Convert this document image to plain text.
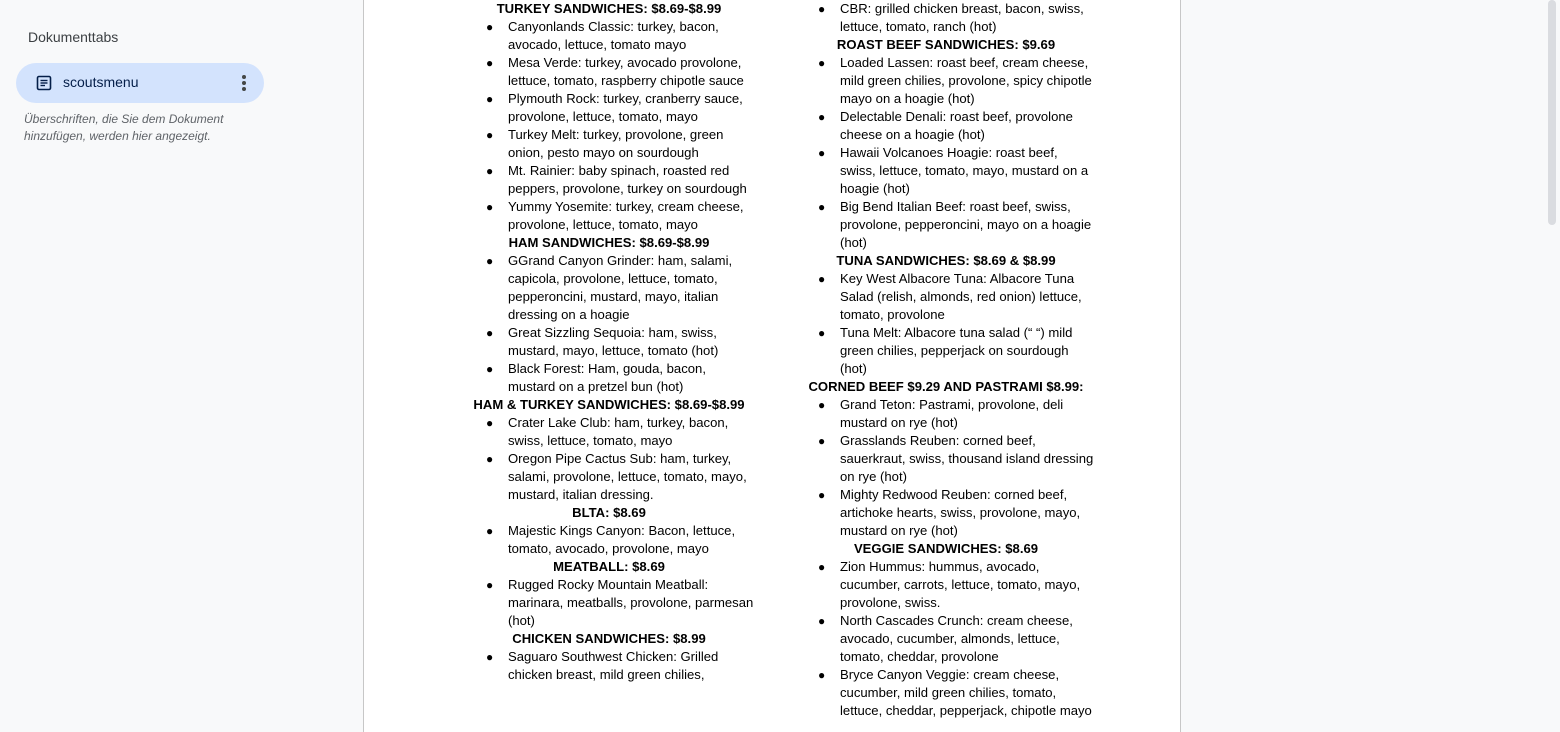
Dokumenttabs
scoutsmenu
Überschriften, die Sie dem Dokument hinzufügen, werden hier angezeigt.
TURKEY SANDWICHES: $8.69-$8.99
● Canyonlands Classic: turkey, bacon, avocado, lettuce, tomato mayo
● Mesa Verde: turkey, avocado provolone, lettuce, tomato, raspberry chipotle sauce
● Plymouth Rock: turkey, cranberry sauce, provolone, lettuce, tomato, mayo
● Turkey Melt: turkey, provolone, green onion, pesto mayo on sourdough
● Mt. Rainier: baby spinach, roasted red peppers, provolone, turkey on sourdough
● Yummy Yosemite: turkey, cream cheese, provolone, lettuce, tomato, mayo
HAM SANDWICHES: $8.69-$8.99
● GGrand Canyon Grinder: ham, salami, capicola, provolone, lettuce, tomato, pepperoncini, mustard, mayo, italian dressing on a hoagie
● Great Sizzling Sequoia: ham, swiss, mustard, mayo, lettuce, tomato (hot)
● Black Forest: Ham, gouda, bacon, mustard on a pretzel bun (hot)
HAM & TURKEY SANDWICHES: $8.69-$8.99
● Crater Lake Club: ham, turkey, bacon, swiss, lettuce, tomato, mayo
● Oregon Pipe Cactus Sub: ham, turkey, salami, provolone, lettuce, tomato, mayo, mustard, italian dressing.
BLTA: $8.69
● Majestic Kings Canyon: Bacon, lettuce, tomato, avocado, provolone, mayo
MEATBALL: $8.69
● Rugged Rocky Mountain Meatball: marinara, meatballs, provolone, parmesan (hot)
CHICKEN SANDWICHES: $8.99
● Saguaro Southwest Chicken: Grilled chicken breast, mild green chilies,
● CBR: grilled chicken breast, bacon, swiss, lettuce, tomato, ranch (hot)
ROAST BEEF SANDWICHES: $9.69
● Loaded Lassen: roast beef, cream cheese, mild green chilies, provolone, spicy chipotle mayo on a hoagie (hot)
● Delectable Denali: roast beef, provolone cheese on a hoagie (hot)
● Hawaii Volcanoes Hoagie: roast beef, swiss, lettuce, tomato, mayo, mustard on a hoagie (hot)
● Big Bend Italian Beef: roast beef, swiss, provolone, pepperoncini, mayo on a hoagie (hot)
TUNA SANDWICHES: $8.69 & $8.99
● Key West Albacore Tuna: Albacore Tuna Salad (relish, almonds, red onion) lettuce, tomato, provolone
● Tuna Melt: Albacore tuna salad (“ “) mild green chilies, pepperjack on sourdough (hot)
CORNED BEEF $9.29 AND PASTRAMI $8.99:
● Grand Teton: Pastrami, provolone, deli mustard on rye (hot)
● Grasslands Reuben: corned beef, sauerkraut, swiss, thousand island dressing on rye (hot)
● Mighty Redwood Reuben: corned beef, artichoke hearts, swiss, provolone, mayo, mustard on rye (hot)
VEGGIE SANDWICHES: $8.69
● Zion Hummus: hummus, avocado, cucumber, carrots, lettuce, tomato, mayo, provolone, swiss.
● North Cascades Crunch: cream cheese, avocado, cucumber, almonds, lettuce, tomato, cheddar, provolone
● Bryce Canyon Veggie: cream cheese, cucumber, mild green chilies, tomato, lettuce, cheddar, pepperjack, chipotle mayo
